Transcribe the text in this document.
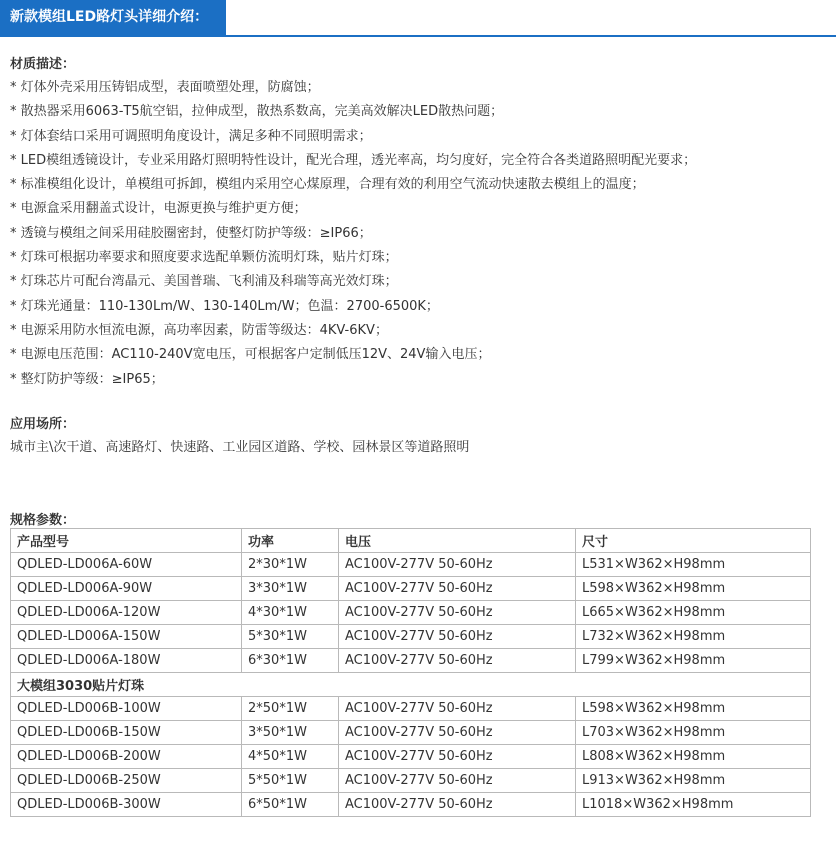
新款模组LED路灯头详细介绍：
材质描述：
* 灯体外壳采用压铸铝成型，表面喷塑处理，防腐蚀；
* 散热器采用6063-T5航空铝，拉伸成型，散热系数高，完美高效解决LED散热问题；
* 灯体套结口采用可调照明角度设计，满足多种不同照明需求；
* LED模组透镜设计，专业采用路灯照明特性设计，配光合理，透光率高，均匀度好，完全符合各类道路照明配光要求；
* 标准模组化设计，单模组可拆卸，模组内采用空心煤原理，合理有效的利用空气流动快速散去模组上的温度；
* 电源盒采用翻盖式设计，电源更换与维护更方便；
* 透镜与模组之间采用硅胶圈密封，使整灯防护等级：≥IP66；
* 灯珠可根据功率要求和照度要求选配单颗仿流明灯珠，贴片灯珠；
* 灯珠芯片可配台湾晶元、美国普瑞、飞利浦及科瑞等高光效灯珠；
* 灯珠光通量：110-130Lm/W、130-140Lm/W；色温：2700-6500K；
* 电源采用防水恒流电源，高功率因素，防雷等级达：4KV-6KV；
* 电源电压范围：AC110-240V宽电压，可根据客户定制低压12V、24V输入电压；
* 整灯防护等级：≥IP65；
应用场所：
城市主\次干道、高速路灯、快速路、工业园区道路、学校、园林景区等道路照明
规格参数：
产品型号	功率	电压	尺寸
QDLED-LD006A-60W	2*30*1W	AC100V-277V 50-60Hz	L531×W362×H98mm
QDLED-LD006A-90W	3*30*1W	AC100V-277V 50-60Hz	L598×W362×H98mm
QDLED-LD006A-120W	4*30*1W	AC100V-277V 50-60Hz	L665×W362×H98mm
QDLED-LD006A-150W	5*30*1W	AC100V-277V 50-60Hz	L732×W362×H98mm
QDLED-LD006A-180W	6*30*1W	AC100V-277V 50-60Hz	L799×W362×H98mm
大模组3030贴片灯珠			
QDLED-LD006B-100W	2*50*1W	AC100V-277V 50-60Hz	L598×W362×H98mm
QDLED-LD006B-150W	3*50*1W	AC100V-277V 50-60Hz	L703×W362×H98mm
QDLED-LD006B-200W	4*50*1W	AC100V-277V 50-60Hz	L808×W362×H98mm
QDLED-LD006B-250W	5*50*1W	AC100V-277V 50-60Hz	L913×W362×H98mm
QDLED-LD006B-300W	6*50*1W	AC100V-277V 50-60Hz	L1018×W362×H98mm
